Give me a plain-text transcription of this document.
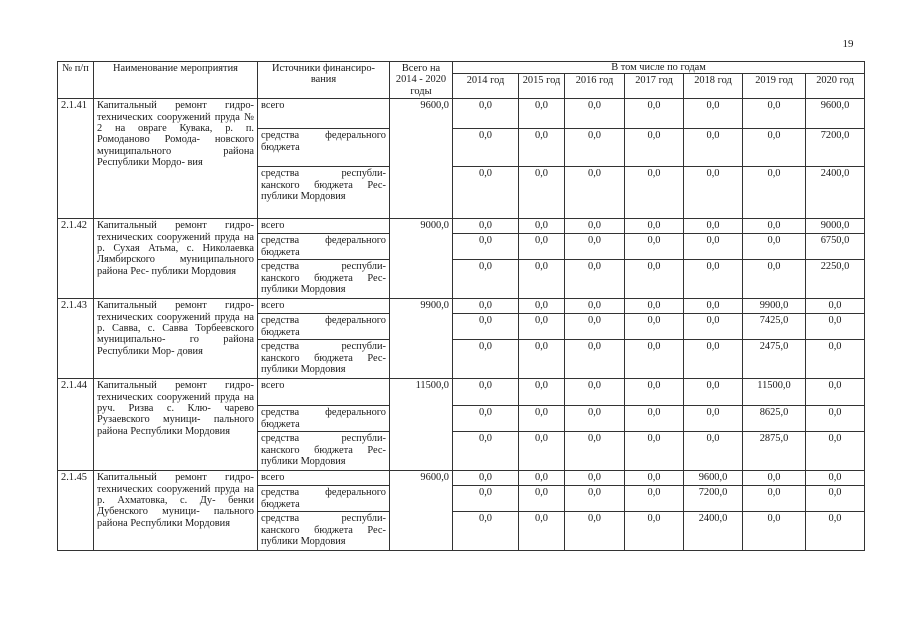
19
№ п/п	Наименование мероприятия	Источники финансиро- вания	Всего на 2014 - 2020 годы	В том числе по годам						
				2014 год	2015 год	2016 год	2017 год	2018 год	2019 год	2020 год
2.1.41	Капитальный ремонт гидро- технических сооружений пруда № 2 на овраге Кувака, р. п. Ромоданово Ромода- новского муниципального района Республики Мордо- вия	всего	9600,0	0,0	0,0	0,0	0,0	0,0	0,0	9600,0
		средства федерального бюджета		0,0	0,0	0,0	0,0	0,0	0,0	7200,0
		средства республи- канского бюджета Рес- публики Мордовия		0,0	0,0	0,0	0,0	0,0	0,0	2400,0
2.1.42	Капитальный ремонт гидро- технических сооружений пруда на р. Сухая Атьма, с. Николаевка Лямбирского муниципального района Рес- публики Мордовия	всего	9000,0	0,0	0,0	0,0	0,0	0,0	0,0	9000,0
		средства федерального бюджета		0,0	0,0	0,0	0,0	0,0	0,0	6750,0
		средства республи- канского бюджета Рес- публики Мордовия		0,0	0,0	0,0	0,0	0,0	0,0	2250,0
2.1.43	Капитальный ремонт гидро- технических сооружений пруда на р. Савва, с. Савва Торбеевского муниципально- го района Республики Мор- довия	всего	9900,0	0,0	0,0	0,0	0,0	0,0	9900,0	0,0
		средства федерального бюджета		0,0	0,0	0,0	0,0	0,0	7425,0	0,0
		средства республи- канского бюджета Рес- публики Мордовия		0,0	0,0	0,0	0,0	0,0	2475,0	0,0
2.1.44	Капитальный ремонт гидро- технических сооружений пруда на руч. Ризва с. Клю- чарево Рузаевского муници- пального района Республики Мордовия	всего	11500,0	0,0	0,0	0,0	0,0	0,0	11500,0	0,0
		средства федерального бюджета		0,0	0,0	0,0	0,0	0,0	8625,0	0,0
		средства республи- канского бюджета Рес- публики Мордовия		0,0	0,0	0,0	0,0	0,0	2875,0	0,0
2.1.45	Капитальный ремонт гидро- технических сооружений пруда на р. Ахматовка, с. Ду- бенки Дубенского муници- пального района Республики Мордовия	всего	9600,0	0,0	0,0	0,0	0,0	9600,0	0,0	0,0
		средства федерального бюджета		0,0	0,0	0,0	0,0	7200,0	0,0	0,0
		средства республи- канского бюджета Рес- публики Мордовия		0,0	0,0	0,0	0,0	2400,0	0,0	0,0
